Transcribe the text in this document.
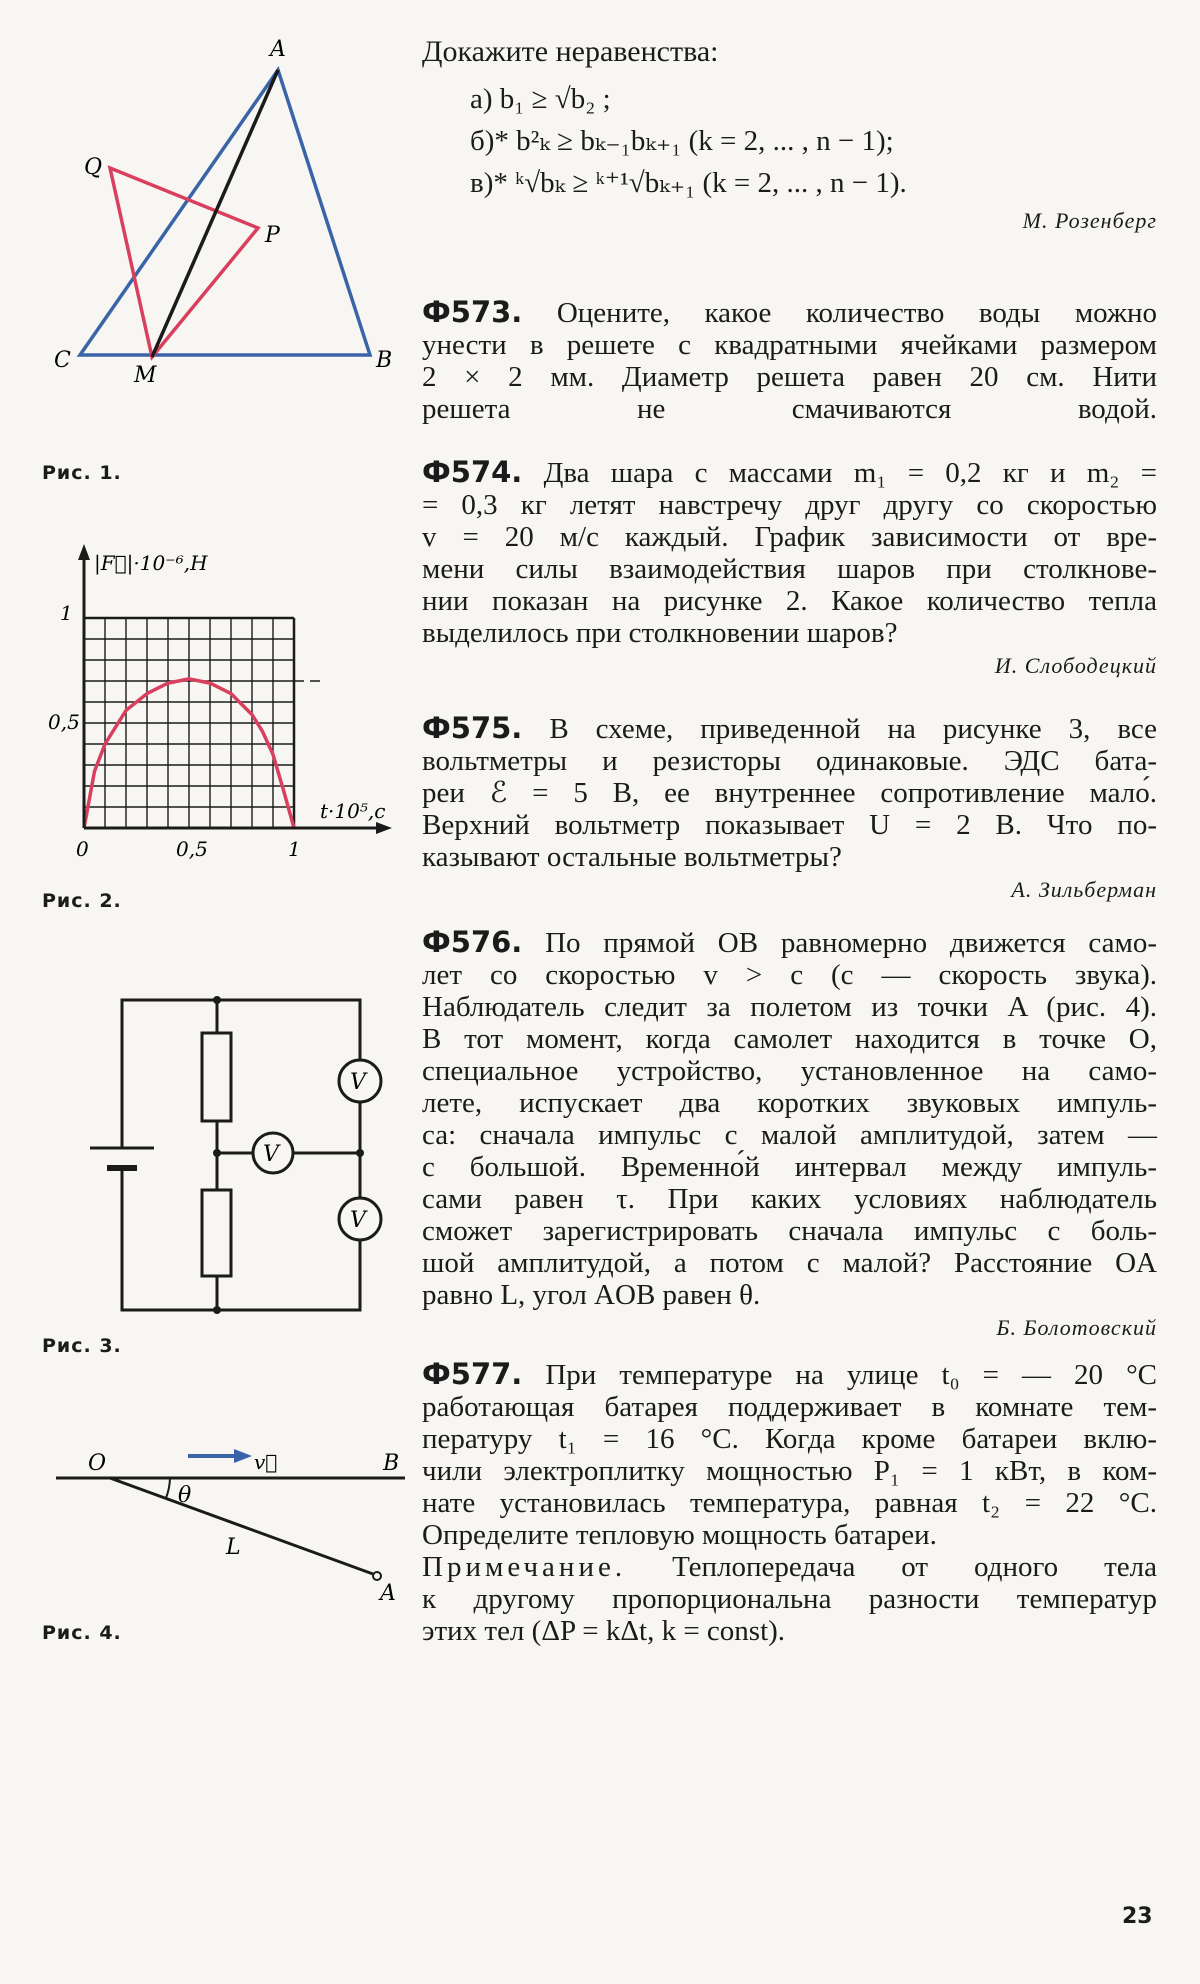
A
Q
P
C
M
B
Рис. 1.
|F⃗|·10⁻⁶,Н
t·10⁵,c
1
0,5
0	0,5	1
Рис. 2.
V
V
V
Рис. 3.
O	B
v⃗
θ
L
A
Рис. 4.
Докажите неравенства:
а) b₁ ≥ √b₂ ;
б)* b²ₖ ≥ bₖ₋₁bₖ₊₁ (k = 2, ... , n − 1);
в)* ᵏ√bₖ ≥ ᵏ⁺¹√bₖ₊₁ (k = 2, ... , n − 1).
М. Розенберг
Ф573. Оцените, какое количество воды можно
унести в решете с квадратными ячейками размером
2 × 2 мм. Диаметр решета равен 20 см. Нити
решета не смачиваются водой.
Ф574. Два шара с массами m₁ = 0,2 кг и m₂ =
= 0,3 кг летят навстречу друг другу со скоростью
v = 20 м/с каждый. График зависимости от вре-
мени силы взаимодействия шаров при столкнове-
нии показан на рисунке 2. Какое количество тепла
выделилось при столкновении шаров?
И. Слободецкий
Ф575. В схеме, приведенной на рисунке 3, все
вольтметры и резисторы одинаковые. ЭДС бата-
реи ℰ = 5 В, ее внутреннее сопротивление мало́.
Верхний вольтметр показывает U = 2 В. Что по-
казывают остальные вольтметры?
А. Зильберман
Ф576. По прямой OB равномерно движется само-
лет со скоростью v > c (c — скорость звука).
Наблюдатель следит за полетом из точки A (рис. 4).
В тот момент, когда самолет находится в точке O,
специальное устройство, установленное на само-
лете, испускает два коротких звуковых импуль-
са: сначала импульс с малой амплитудой, затем —
с большой. Временно́й интервал между импуль-
сами равен τ. При каких условиях наблюдатель
сможет зарегистрировать сначала импульс с боль-
шой амплитудой, а потом с малой? Расстояние OA
равно L, угол AOB равен θ.
Б. Болотовский
Ф577. При температуре на улице t₀ = — 20 °С
работающая батарея поддерживает в комнате тем-
пературу t₁ = 16 °С. Когда кроме батареи вклю-
чили электроплитку мощностью P₁ = 1 кВт, в ком-
нате установилась температура, равная t₂ = 22 °С.
Определите тепловую мощность батареи.
Примечание. Теплопередача от одного тела
к другому пропорциональна разности температур
этих тел (ΔP = kΔt, k = const).
23
